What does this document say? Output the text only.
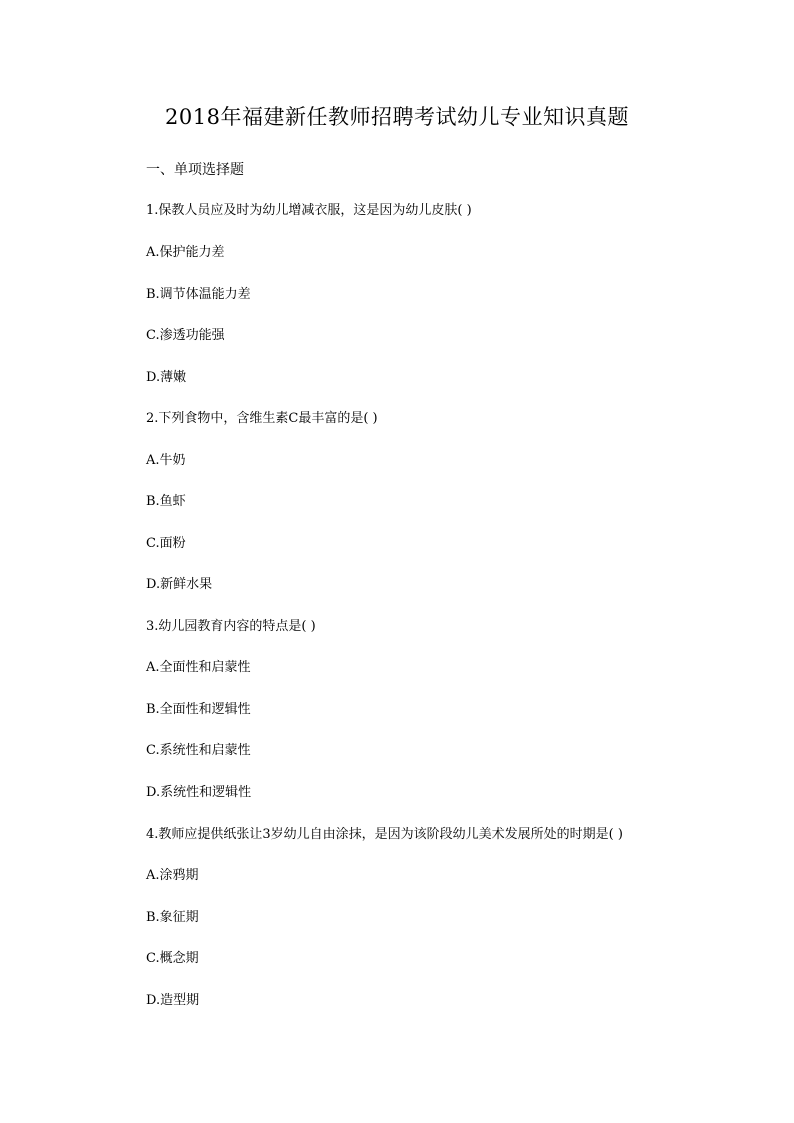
2018年福建新任教师招聘考试幼儿专业知识真题
一、单项选择题
1.保教人员应及时为幼儿增减衣服，这是因为幼儿皮肤( )
A.保护能力差
B.调节体温能力差
C.渗透功能强
D.薄嫩
2.下列食物中，含维生素C最丰富的是( )
A.牛奶
B.鱼虾
C.面粉
D.新鲜水果
3.幼儿园教育内容的特点是( )
A.全面性和启蒙性
B.全面性和逻辑性
C.系统性和启蒙性
D.系统性和逻辑性
4.教师应提供纸张让3岁幼儿自由涂抹，是因为该阶段幼儿美术发展所处的时期是( )
A.涂鸦期
B.象征期
C.概念期
D.造型期
